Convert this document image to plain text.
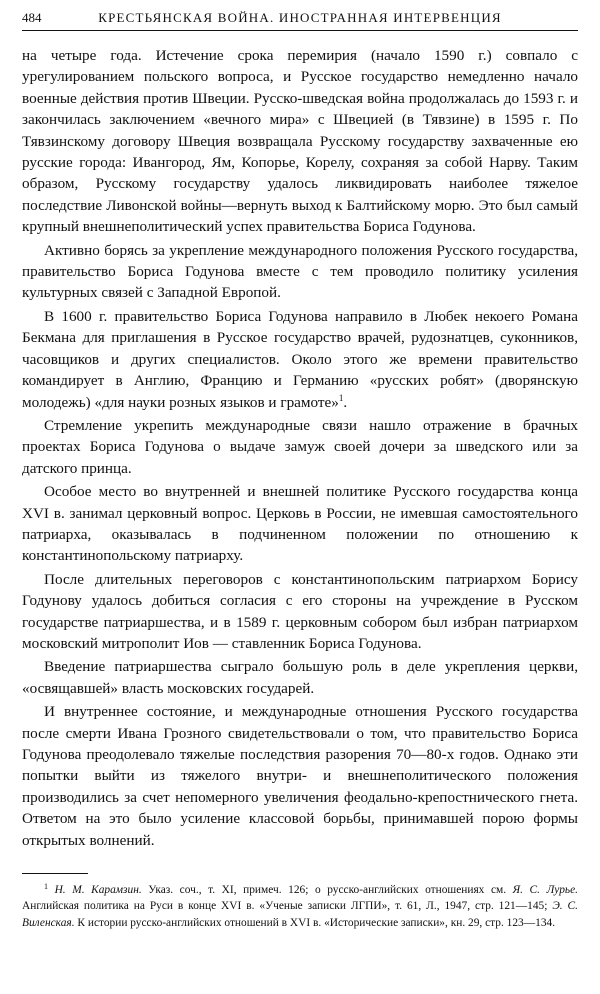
484	КРЕСТЬЯНСКАЯ ВОЙНА. ИНОСТРАННАЯ ИНТЕРВЕНЦИЯ

на четыре года. Истечение срока перемирия (начало 1590 г.) совпало с урегулированием польского вопроса, и Русское государство немедленно начало военные действия против Швеции. Русско-шведская война продолжалась до 1593 г. и закончилась заключением «вечного мира» с Швецией (в Тявзине) в 1595 г. По Тявзинскому договору Швеция возвращала Русскому государству захваченные ею русские города: Ивангород, Ям, Копорье, Корелу, сохраняя за собой Нарву. Таким образом, Русскому государству удалось ликвидировать наиболее тяжелое последствие Ливонской войны—вернуть выход к Балтийскому морю. Это был самый крупный внешнеполитический успех правительства Бориса Годунова.

Активно борясь за укрепление международного положения Русского государства, правительство Бориса Годунова вместе с тем проводило политику усиления культурных связей с Западной Европой.

В 1600 г. правительство Бориса Годунова направило в Любек некоего Романа Бекмана для приглашения в Русское государство врачей, рудознатцев, суконников, часовщиков и других специалистов. Около этого же времени правительство командирует в Англию, Францию и Германию «русских робят» (дворянскую молодежь) «для науки розных языков и грамоте»$^1$.

Стремление укрепить международные связи нашло отражение в брачных проектах Бориса Годунова о выдаче замуж своей дочери за шведского или за датского принца.

Особое место во внутренней и внешней политике Русского государства конца XVI в. занимал церковный вопрос. Церковь в России, не имевшая самостоятельного патриарха, оказывалась в подчиненном положении по отношению к константинопольскому патриарху.

После длительных переговоров с константинопольским патриархом Борису Годунову удалось добиться согласия с его стороны на учреждение в Русском государстве патриаршества, и в 1589 г. церковным собором был избран патриархом московский митрополит Иов — ставленник Бориса Годунова.

Введение патриаршества сыграло большую роль в деле укрепления церкви, «освящавшей» власть московских государей.

И внутреннее состояние, и международные отношения Русского государства после смерти Ивана Грозного свидетельствовали о том, что правительство Бориса Годунова преодолевало тяжелые последствия разорения 70—80-х годов. Однако эти попытки выйти из тяжелого внутри- и внешнеполитического положения производились за счет непомерного увеличения феодально-крепостнического гнета. Ответом на это было усиление классовой борьбы, принимавшей порою формы открытых волнений.

$^1$ Н. М. Карамзин. Указ. соч., т. XI, примеч. 126; о русско-английских отношениях см. Я. С. Лурье. Английская политика на Руси в конце XVI в. «Ученые записки ЛГПИ», т. 61, Л., 1947, стр. 121—145; Э. С. Виленская. К истории русско-английских отношений в XVI в. «Исторические записки», кн. 29, стр. 123—134.
